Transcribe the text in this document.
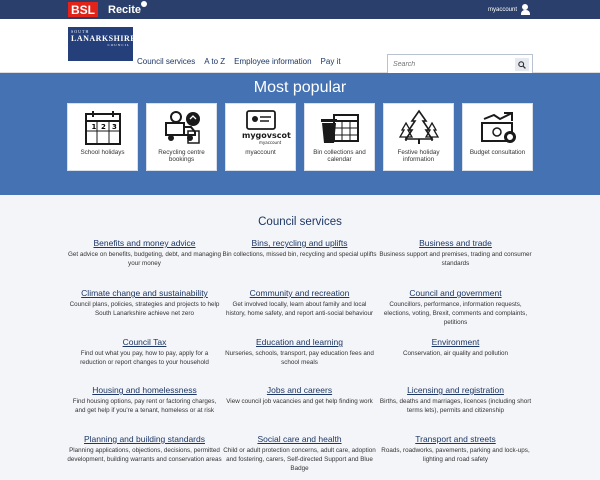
BSL Recite	myaccount
SOUTH
LANARKSHIRE
COUNCIL
Council services A to Z Employee information Pay it
Search
Most popular
1 2 3
School holidays	Recycling centre bookings
mygovscot
myaccount
myaccount	Bin collections and calendar
Festive holiday information
Budget consultation
Council services
Benefits and money advice
Get advice on benefits, budgeting, debt, and managing your money
Bins, recycling and uplifts
Bin collections, missed bin, recycling and special uplifts
Business and trade
Business support and premises, trading and consumer standards
Climate change and sustainability
Council plans, policies, strategies and projects to help South Lanarkshire achieve net zero
Community and recreation
Get involved locally, learn about family and local history, home safety, and report anti-social behaviour
Council and government
Councillors, performance, information requests, elections, voting, Brexit, comments and complaints, petitions
Council Tax
Find out what you pay, how to pay, apply for a reduction or report changes to your household
Education and learning
Nurseries, schools, transport, pay education fees and school meals
Environment
Conservation, air quality and pollution
Housing and homelessness
Find housing options, pay rent or factoring charges, and get help if you're a tenant, homeless or at risk
Jobs and careers
View council job vacancies and get help finding work
Licensing and registration
Births, deaths and marriages, licences (including short terms lets), permits and citizenship
Planning and building standards
Planning applications, objections, decisions, permitted development, building warrants and conservation areas
Social care and health
Child or adult protection concerns, adult care, adoption and fostering, carers, Self-directed Support and Blue Badge
Transport and streets
Roads, roadworks, pavements, parking and lock-ups, lighting and road safety
